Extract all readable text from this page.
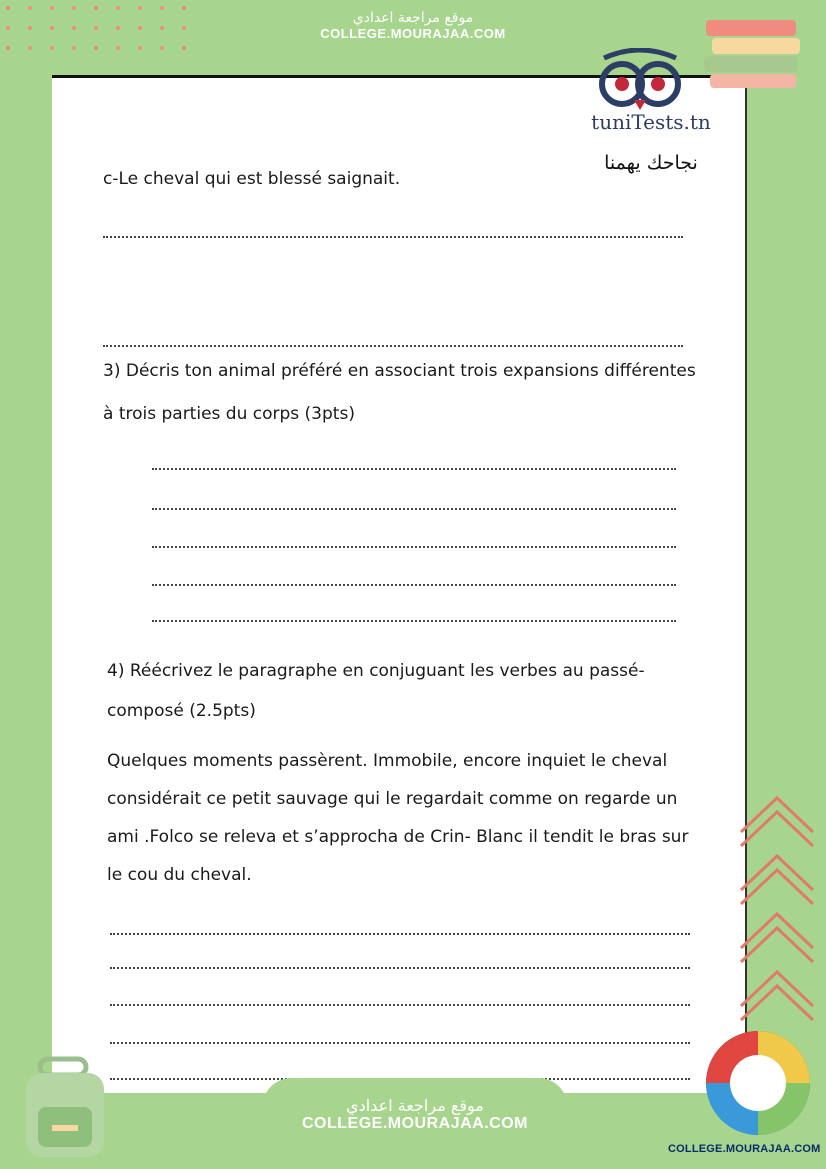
موقع مراجعة اعدادي
COLLEGE.MOURAJAA.COM
tuniTests.tn
نجاحك يهمنا
c-Le cheval qui est blessé saignait.
3) Décris ton animal préféré en associant trois expansions différentes
à trois parties du corps (3pts)
4) Réécrivez le paragraphe en conjuguant les verbes au passé-
composé (2.5pts)
Quelques moments passèrent. Immobile, encore inquiet le cheval
considérait ce petit sauvage qui le regardait comme on regarde un
ami .Folco se releva et s’approcha de Crin- Blanc il tendit le bras sur
le cou du cheval.
موقع مراجعة اعدادي
COLLEGE.MOURAJAA.COM
COLLEGE.MOURAJAA.COM
